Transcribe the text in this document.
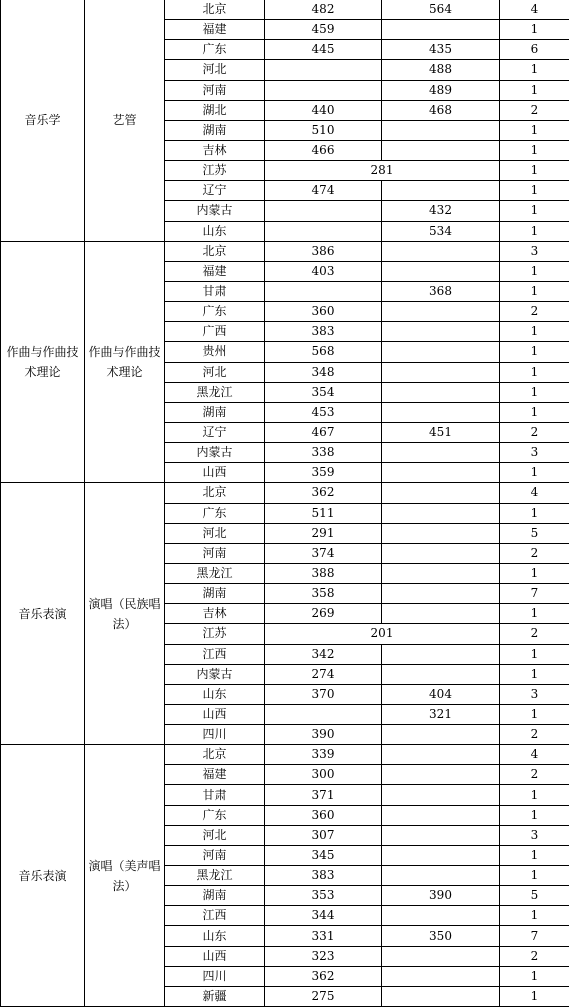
音乐学	艺管	北京	482	564	4
		福建	459		1
		广东	445	435	6
		河北		488	1
		河南		489	1
		湖北	440	468	2
		湖南	510		1
		吉林	466		1
		江苏	281		1
		辽宁	474		1
		内蒙古		432	1
		山东		534	1
作曲与作曲技术理论	作曲与作曲技术理论	北京	386		3
		福建	403		1
		甘肃		368	1
		广东	360		2
		广西	383		1
		贵州	568		1
		河北	348		1
		黑龙江	354		1
		湖南	453		1
		辽宁	467	451	2
		内蒙古	338		3
		山西	359		1
音乐表演	演唱（民族唱法）	北京	362		4
		广东	511		1
		河北	291		5
		河南	374		2
		黑龙江	388		1
		湖南	358		7
		吉林	269		1
		江苏	201		2
		江西	342		1
		内蒙古	274		1
		山东	370	404	3
		山西		321	1
		四川	390		2
音乐表演	演唱（美声唱法）	北京	339		4
		福建	300		2
		甘肃	371		1
		广东	360		1
		河北	307		3
		河南	345		1
		黑龙江	383		1
		湖南	353	390	5
		江西	344		1
		山东	331	350	7
		山西	323		2
		四川	362		1
		新疆	275		1
